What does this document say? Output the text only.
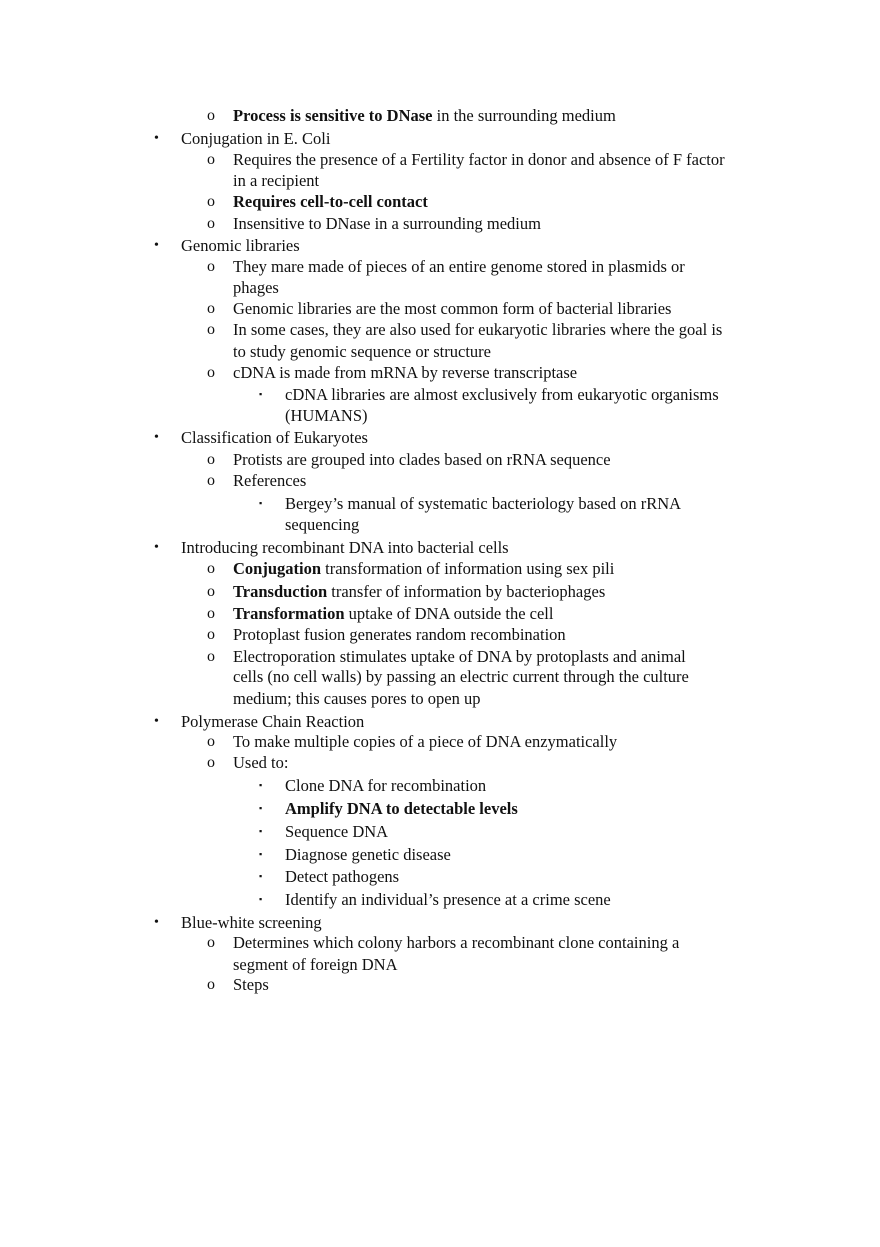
o Process is sensitive to DNase in the surrounding medium
• Conjugation in E. Coli
o Requires the presence of a Fertility factor in donor and absence of F factor
in a recipient
o Requires cell-to-cell contact
o Insensitive to DNase in a surrounding medium
• Genomic libraries
o They mare made of pieces of an entire genome stored in plasmids or
phages
o Genomic libraries are the most common form of bacterial libraries
o In some cases, they are also used for eukaryotic libraries where the goal is
to study genomic sequence or structure
o cDNA is made from mRNA by reverse transcriptase
▪ cDNA libraries are almost exclusively from eukaryotic organisms
(HUMANS)
• Classification of Eukaryotes
o Protists are grouped into clades based on rRNA sequence
o References
▪ Bergey’s manual of systematic bacteriology based on rRNA
sequencing
• Introducing recombinant DNA into bacterial cells
o Conjugation transformation of information using sex pili
o Transduction transfer of information by bacteriophages
o Transformation uptake of DNA outside the cell
o Protoplast fusion generates random recombination
o Electroporation stimulates uptake of DNA by protoplasts and animal
cells (no cell walls) by passing an electric current through the culture
medium; this causes pores to open up
• Polymerase Chain Reaction
o To make multiple copies of a piece of DNA enzymatically
o Used to:
▪ Clone DNA for recombination
▪ Amplify DNA to detectable levels
▪ Sequence DNA
▪ Diagnose genetic disease
▪ Detect pathogens
▪ Identify an individual’s presence at a crime scene
• Blue-white screening
o Determines which colony harbors a recombinant clone containing a
segment of foreign DNA
o Steps
